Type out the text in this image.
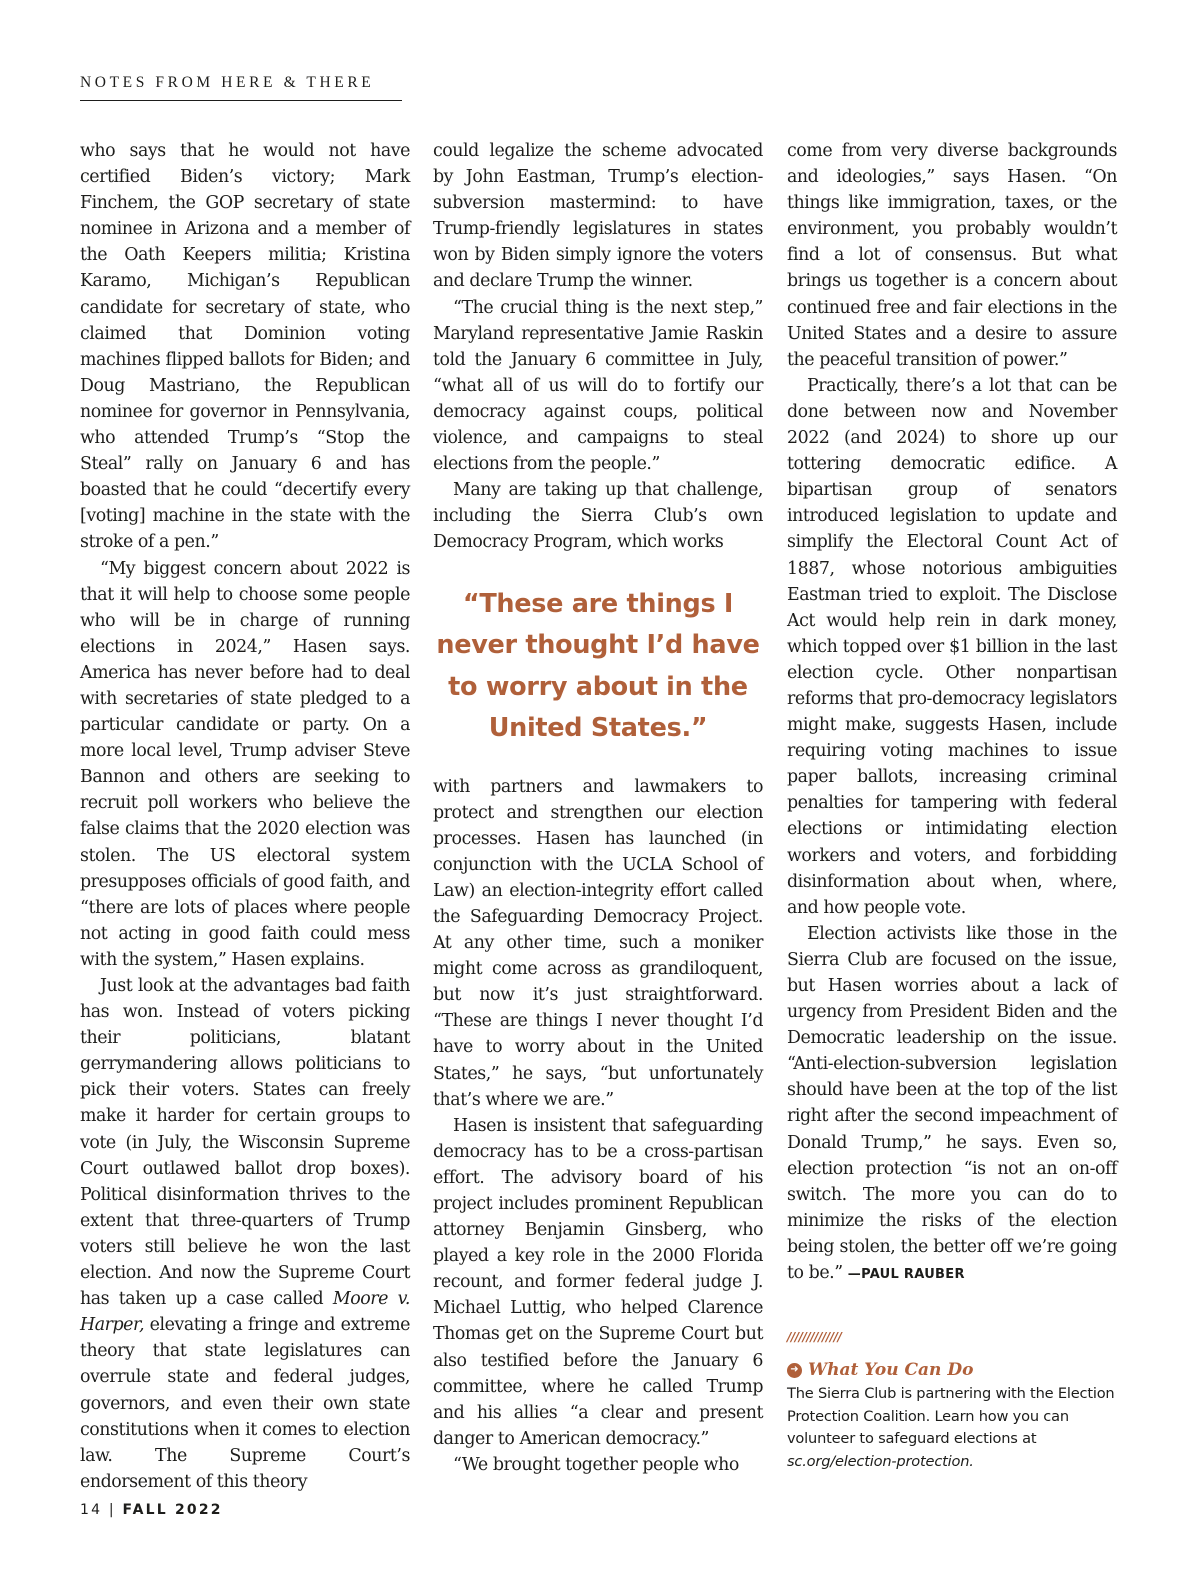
NOTES FROM HERE & THERE

who says that he would not have certified Biden’s victory; Mark Finchem, the GOP secretary of state nominee in Arizona and a member of the Oath Keepers militia; Kristina Karamo, Michigan’s Republican candidate for secretary of state, who claimed that Dominion voting machines flipped ballots for Biden; and Doug Mastriano, the Republican nominee for governor in Pennsylvania, who attended Trump’s “Stop the Steal” rally on January 6 and has boasted that he could “decertify every [voting] machine in the state with the stroke of a pen.”

“My biggest concern about 2022 is that it will help to choose some people who will be in charge of running elections in 2024,” Hasen says. America has never before had to deal with secretaries of state pledged to a particular candidate or party. On a more local level, Trump adviser Steve Bannon and others are seeking to recruit poll workers who believe the false claims that the 2020 election was stolen. The US electoral system presupposes officials of good faith, and “there are lots of places where people not acting in good faith could mess with the system,” Hasen explains.

Just look at the advantages bad faith has won. Instead of voters picking their politicians, blatant gerrymandering allows politicians to pick their voters. States can freely make it harder for certain groups to vote (in July, the Wisconsin Supreme Court outlawed ballot drop boxes). Political disinformation thrives to the extent that three-quarters of Trump voters still believe he won the last election. And now the Supreme Court has taken up a case called Moore v. Harper, elevating a fringe and extreme theory that state legislatures can overrule state and federal judges, governors, and even their own state constitutions when it comes to election law. The Supreme Court’s endorsement of this theory

could legalize the scheme advocated by John Eastman, Trump’s election-subversion mastermind: to have Trump-friendly legislatures in states won by Biden simply ignore the voters and declare Trump the winner.

“The crucial thing is the next step,” Maryland representative Jamie Raskin told the January 6 committee in July, “what all of us will do to fortify our democracy against coups, political violence, and campaigns to steal elections from the people.”

Many are taking up that challenge, including the Sierra Club’s own Democracy Program, which works

“These are things I never thought I’d have to worry about in the United States.”

with partners and lawmakers to protect and strengthen our election processes. Hasen has launched (in conjunction with the UCLA School of Law) an election-integrity effort called the Safeguarding Democracy Project. At any other time, such a moniker might come across as grandiloquent, but now it’s just straightforward. “These are things I never thought I’d have to worry about in the United States,” he says, “but unfortunately that’s where we are.”

Hasen is insistent that safeguarding democracy has to be a cross-partisan effort. The advisory board of his project includes prominent Republican attorney Benjamin Ginsberg, who played a key role in the 2000 Florida recount, and former federal judge J. Michael Luttig, who helped Clarence Thomas get on the Supreme Court but also testified before the January 6 committee, where he called Trump and his allies “a clear and present danger to American democracy.”

“We brought together people who

come from very diverse backgrounds and ideologies,” says Hasen. “On things like immigration, taxes, or the environment, you probably wouldn’t find a lot of consensus. But what brings us together is a concern about continued free and fair elections in the United States and a desire to assure the peaceful transition of power.”

Practically, there’s a lot that can be done between now and November 2022 (and 2024) to shore up our tottering democratic edifice. A bipartisan group of senators introduced legislation to update and simplify the Electoral Count Act of 1887, whose notorious ambiguities Eastman tried to exploit. The Disclose Act would help rein in dark money, which topped over $1 billion in the last election cycle. Other nonpartisan reforms that pro-democracy legislators might make, suggests Hasen, include requiring voting machines to issue paper ballots, increasing criminal penalties for tampering with federal elections or intimidating election workers and voters, and forbidding disinformation about when, where, and how people vote.

Election activists like those in the Sierra Club are focused on the issue, but Hasen worries about a lack of urgency from President Biden and the Democratic leadership on the issue. “Anti-election-subversion legislation should have been at the top of the list right after the second impeachment of Donald Trump,” he says. Even so, election protection “is not an on-off switch. The more you can do to minimize the risks of the election being stolen, the better off we’re going to be.” —PAUL RAUBER

//////////////
➜ What You Can Do
The Sierra Club is partnering with the Election Protection Coalition. Learn how you can volunteer to safeguard elections at sc.org/election-protection.
14 | FALL 2022
